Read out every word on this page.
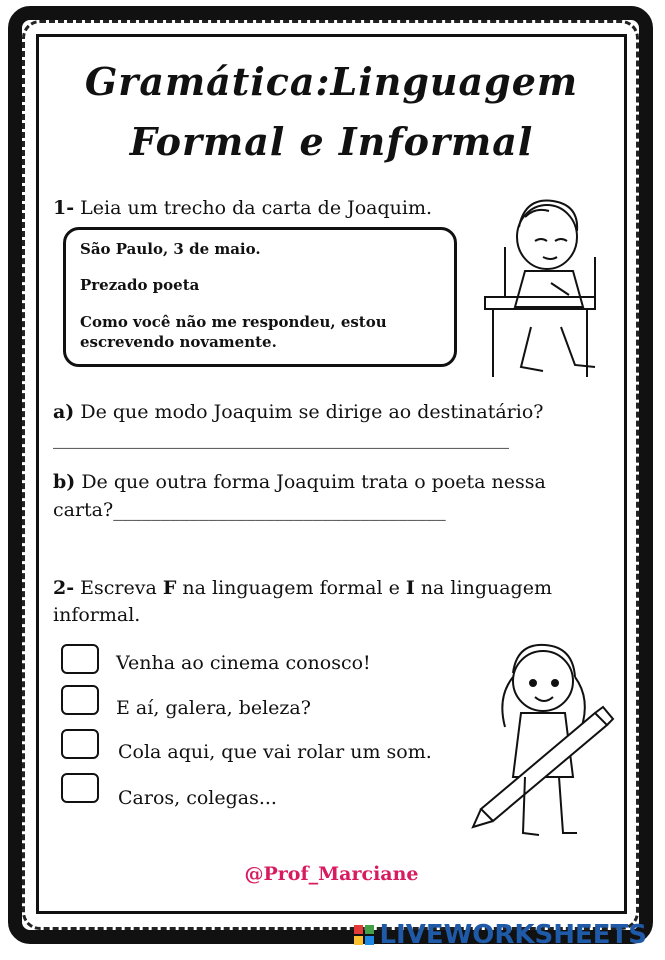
Gramática:Linguagem
Formal e Informal
1- Leia um trecho da carta de Joaquim.

São Paulo, 3 de maio.

Prezado poeta

Como você não me respondeu, estou escrevendo novamente.

a) De que modo Joaquim se dirige ao destinatário?
________________________________________________
b) De que outra forma Joaquim trata o poeta nessa
carta?___________________________________
2- Escreva F na linguagem formal e I na linguagem
informal.
Venha ao cinema conosco!
E aí, galera, beleza?
Cola aqui, que vai rolar um som.
Caros, colegas...
@Prof_Marciane
LIVEWORKSHEETS
